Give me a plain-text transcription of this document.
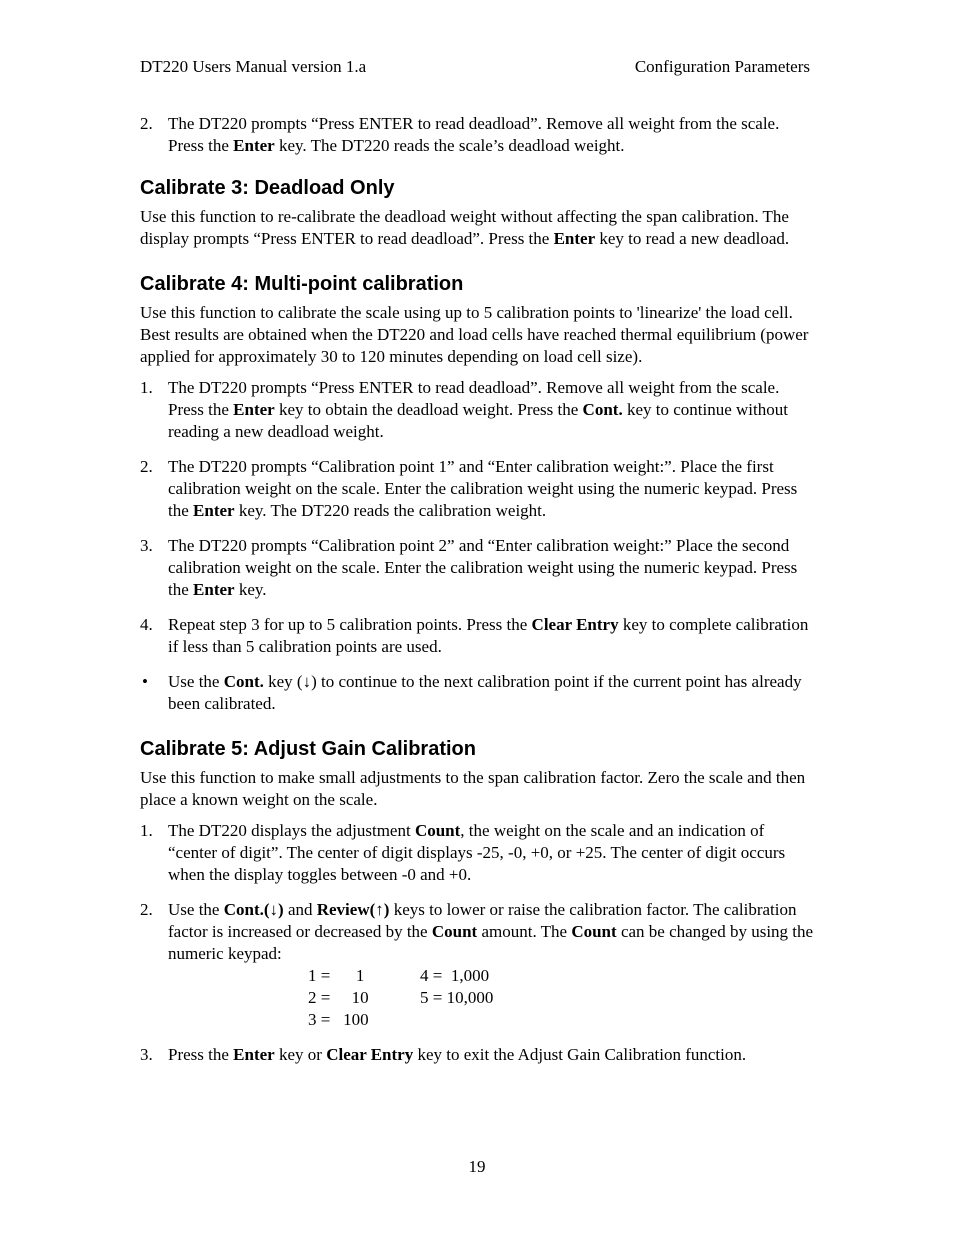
DT220 Users Manual version 1.a	Configuration Parameters
2. The DT220 prompts “Press ENTER to read deadload”. Remove all weight from the scale. Press the Enter key. The DT220 reads the scale’s deadload weight.
Calibrate 3: Deadload Only

Use this function to re-calibrate the deadload weight without affecting the span calibration. The display prompts “Press ENTER to read deadload”. Press the Enter key to read a new deadload.

Calibrate 4: Multi-point calibration

Use this function to calibrate the scale using up to 5 calibration points to 'linearize' the load cell. Best results are obtained when the DT220 and load cells have reached thermal equilibrium (power applied for approximately 30 to 120 minutes depending on load cell size).

1. The DT220 prompts “Press ENTER to read deadload”. Remove all weight from the scale. Press the Enter key to obtain the deadload weight. Press the Cont. key to continue without reading a new deadload weight.
2. The DT220 prompts “Calibration point 1” and “Enter calibration weight:”. Place the first calibration weight on the scale. Enter the calibration weight using the numeric keypad. Press the Enter key. The DT220 reads the calibration weight.
3. The DT220 prompts “Calibration point 2” and “Enter calibration weight:” Place the second calibration weight on the scale. Enter the calibration weight using the numeric keypad. Press the Enter key.
4. Repeat step 3 for up to 5 calibration points. Press the Clear Entry key to complete calibration if less than 5 calibration points are used.
• Use the Cont. key (↓) to continue to the next calibration point if the current point has already been calibrated.
Calibrate 5: Adjust Gain Calibration

Use this function to make small adjustments to the span calibration factor. Zero the scale and then place a known weight on the scale.

1. The DT220 displays the adjustment Count, the weight on the scale and an indication of “center of digit”. The center of digit displays -25, -0, +0, or +25. The center of digit occurs when the display toggles between -0 and +0.
2. Use the Cont.(↓) and Review(↑) keys to lower or raise the calibration factor. The calibration factor is increased or decreased by the Count amount. The Count can be changed by using the numeric keypad:
1 =      1
2 =     10
3 =   100
4 =  1,000
5 = 10,000
3. Press the Enter key or Clear Entry key to exit the Adjust Gain Calibration function.
19
